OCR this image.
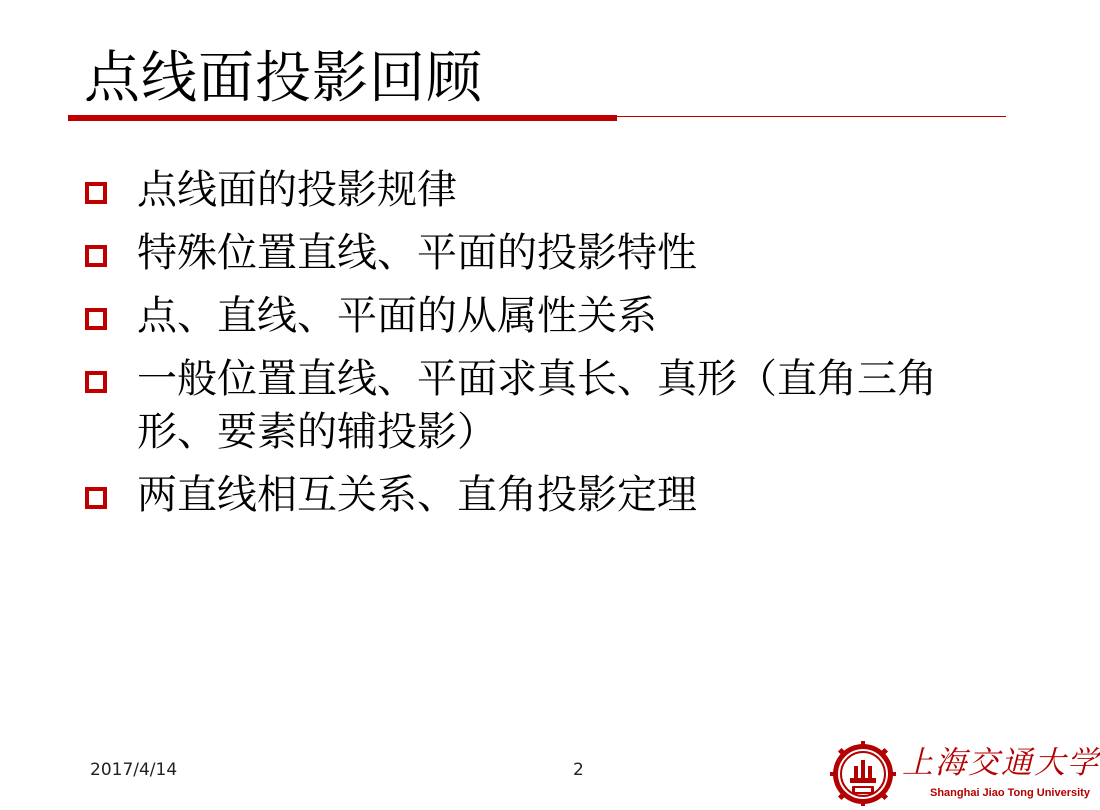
点线面投影回顾
点线面的投影规律
特殊位置直线、平面的投影特性
点、直线、平面的从属性关系
一般位置直线、平面求真长、真形（直角三角形、要素的辅投影）
两直线相互关系、直角投影定理
2017/4/14	2	上海交通大学
Shanghai Jiao Tong University
